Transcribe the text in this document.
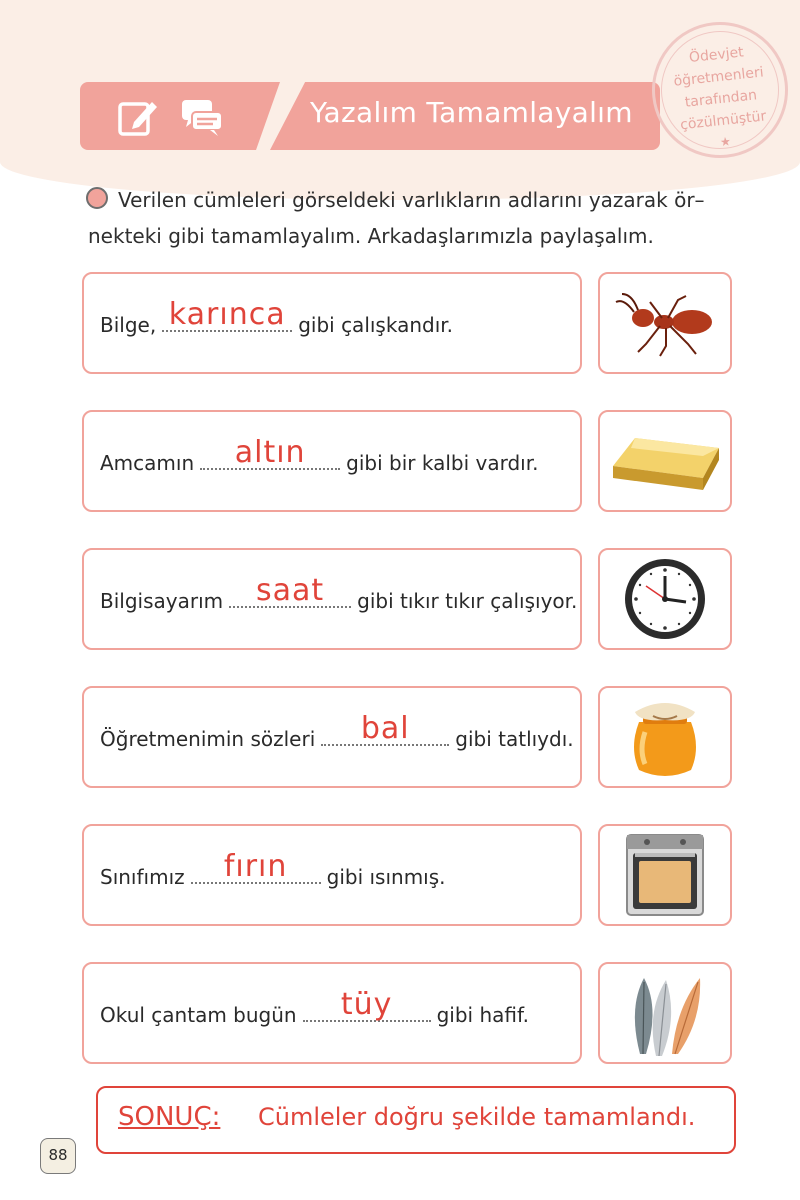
Yazalım Tamamlayalım
Ödevjet
öğretmenleri
tarafından
çözülmüştür
★
Verilen cümleleri görseldeki varlıkların adlarını yazarak ör–
nekteki gibi tamamlayalım. Arkadaşlarımızla paylaşalım.
Bilge, karınca gibi çalışkandır.
Amcamın	altın	gibi bir kalbi vardır.
Bilgisayarım	saat	gibi tıkır tıkır çalışıyor.
Öğretmenimin sözleri	bal	gibi tatlıydı.
Sınıfımız	fırın	gibi ısınmış.
Okul çantam bugün	tüy	gibi hafif.
SONUÇ: Cümleler doğru şekilde tamamlandı.
88
